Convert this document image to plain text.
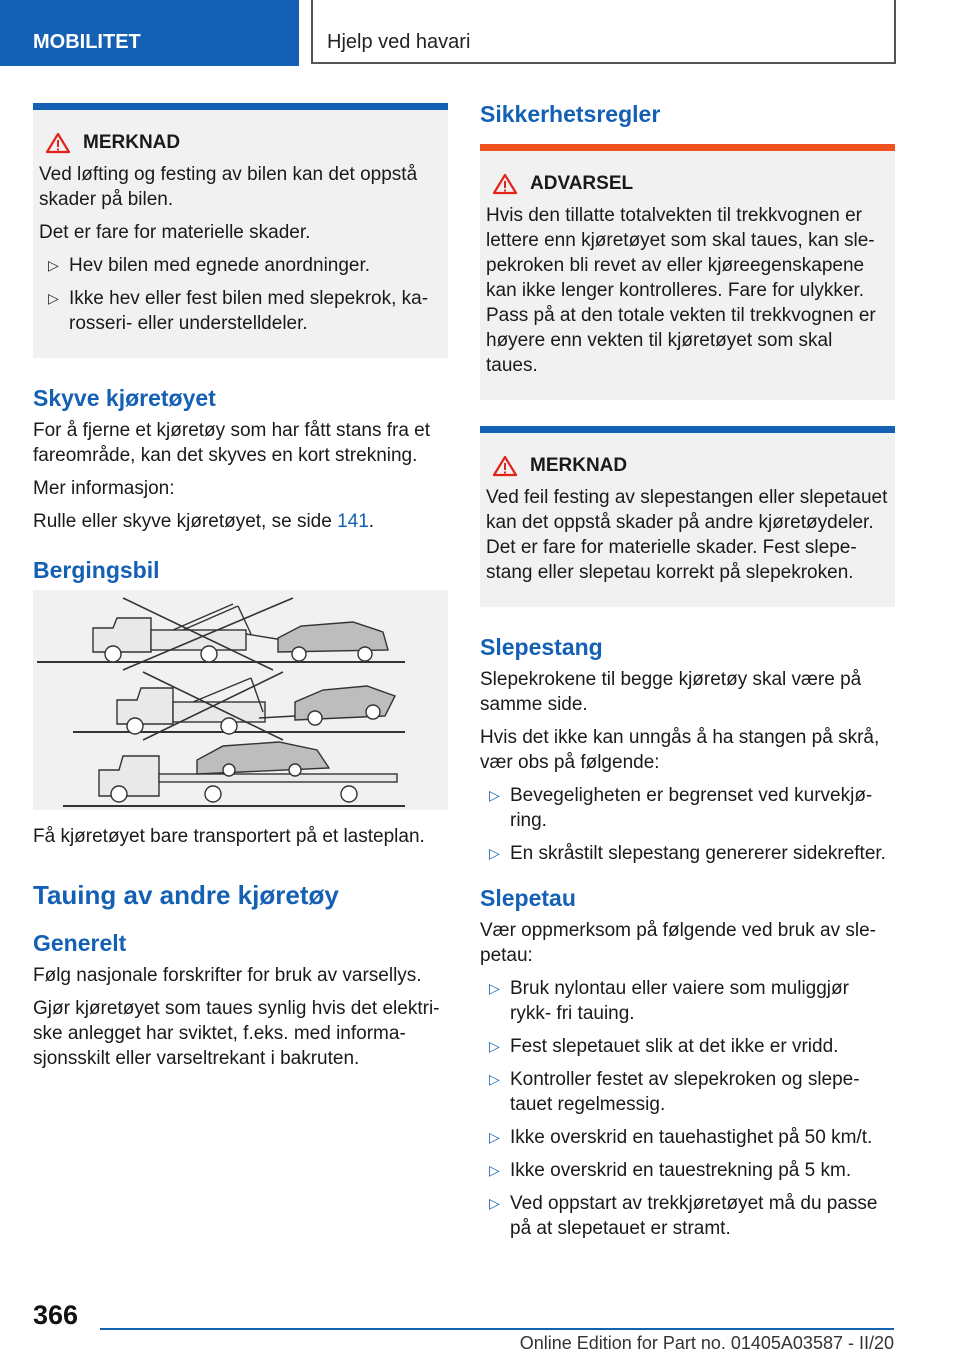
MOBILITET	Hjelp ved havari
MERKNAD

Ved løfting og festing av bilen kan det oppstå skader på bilen.

Det er fare for materielle skader.

▷ Hev bilen med egnede anordninger.
▷ Ikke hev eller fest bilen med slepekrok, ka- rosseri- eller understelldeler.
Skyve kjøretøyet

For å fjerne et kjøretøy som har fått stans fra et fareområde, kan det skyves en kort strekning.

Mer informasjon:

Rulle eller skyve kjøretøyet, se side 141.

Bergingsbil

Få kjøretøyet bare transportert på et lasteplan.

Tauing av andre kjøretøy
Generelt

Følg nasjonale forskrifter for bruk av varsellys.

Gjør kjøretøyet som taues synlig hvis det elektri- ske anlegget har sviktet, f.eks. med informa- sjonsskilt eller varseltrekant i bakruten.

Sikkerhetsregler
ADVARSEL

Hvis den tillatte totalvekten til trekkvognen er lettere enn kjøretøyet som skal taues, kan sle- pekroken bli revet av eller kjøreegenskapene kan ikke lenger kontrolleres. Fare for ulykker. Pass på at den totale vekten til trekkvognen er høyere enn vekten til kjøretøyet som skal taues.

MERKNAD

Ved feil festing av slepestangen eller slepetauet kan det oppstå skader på andre kjøretøydeler. Det er fare for materielle skader. Fest slepe- stang eller slepetau korrekt på slepekroken.

Slepestang

Slepekrokene til begge kjøretøy skal være på samme side.

Hvis det ikke kan unngås å ha stangen på skrå, vær obs på følgende:

▷ Bevegeligheten er begrenset ved kurvekjø- ring.
▷ En skråstilt slepestang genererer sidekrefter.
Slepetau

Vær oppmerksom på følgende ved bruk av sle- petau:

▷ Bruk nylontau eller vaiere som muliggjør rykk- fri tauing.
▷ Fest slepetauet slik at det ikke er vridd.
▷ Kontroller festet av slepekroken og slepe- tauet regelmessig.
▷ Ikke overskrid en tauehastighet på 50 km/t.
▷ Ikke overskrid en tauestrekning på 5 km.
▷ Ved oppstart av trekkjøretøyet må du passe på at slepetauet er stramt.
366
Online Edition for Part no. 01405A03587 - II/20
